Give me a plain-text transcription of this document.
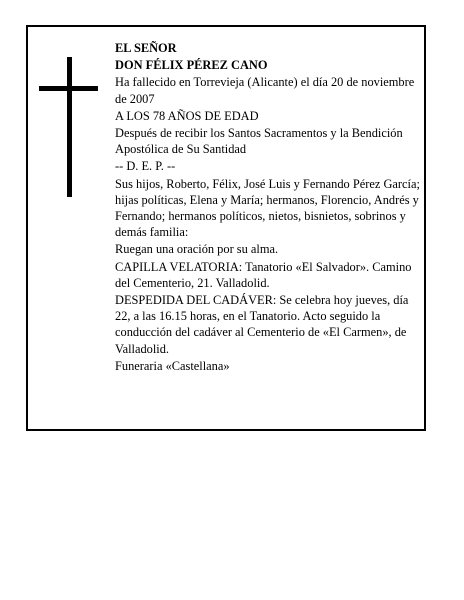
EL SEÑOR

DON FÉLIX PÉREZ CANO

Ha fallecido en Torrevieja (Alicante) el día 20 de noviembre de 2007

A LOS 78 AÑOS DE EDAD

Después de recibir los Santos Sacramentos y la Bendición Apostólica de Su Santidad

-- D. E. P. --

Sus hijos, Roberto, Félix, José Luis y Fernando Pérez García; hijas políticas, Elena y María; hermanos, Florencio, Andrés y Fernando; hermanos políticos, nietos, bisnietos, sobrinos y demás familia:

Ruegan una oración por su alma.

CAPILLA VELATORIA: Tanatorio «El Salvador». Camino del Cementerio, 21. Valladolid.

DESPEDIDA DEL CADÁVER: Se celebra hoy jueves, día 22, a las 16.15 horas, en el Tanatorio. Acto seguido la conducción del cadáver al Cementerio de «El Carmen», de Valladolid.

Funeraria «Castellana»
